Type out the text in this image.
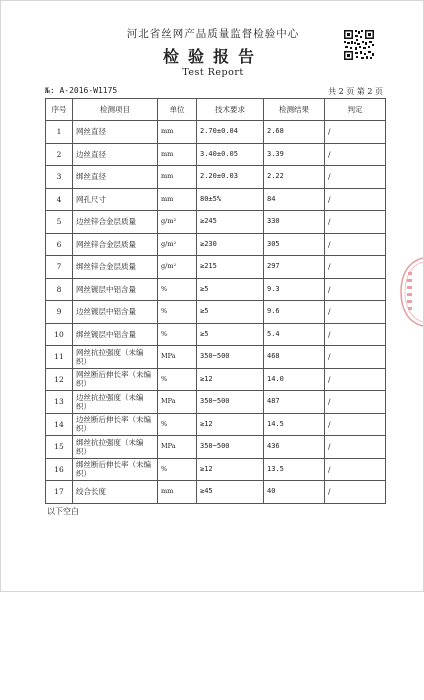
河北省丝网产品质量监督检验中心
检验报告
Test Report
№: A-2016-W1175	共 2 页 第 2 页
序号	检测项目	单位	技术要求	检测结果	判定
1	网丝直径	mm	2.70±0.04	2.68	/
2	边丝直径	mm	3.40±0.05	3.39	/
3	绑丝直径	mm	2.20±0.03	2.22	/
4	网孔尺寸	mm	80±5%	84	/
5	边丝锌合金层质量	g/m²	≥245	330	/
6	网丝锌合金层质量	g/m²	≥230	305	/
7	绑丝锌合金层质量	g/m²	≥215	297	/
8	网丝镀层中铝含量	%	≥5	9.3	/
9	边丝镀层中铝含量	%	≥5	9.6	/
10	绑丝镀层中铝含量	%	≥5	5.4	/
11	网丝抗拉强度（未编织）	MPa	350~500	468	/
12	网丝断后伸长率（未编织）	%	≥12	14.0	/
13	边丝抗拉强度（未编织）	MPa	350~500	487	/
14	边丝断后伸长率（未编织）	%	≥12	14.5	/
15	绑丝抗拉强度（未编织）	MPa	350~500	436	/
16	绑丝断后伸长率（未编织）	%	≥12	13.5	/
17	绞合长度	mm	≥45	40	/
以下空白
